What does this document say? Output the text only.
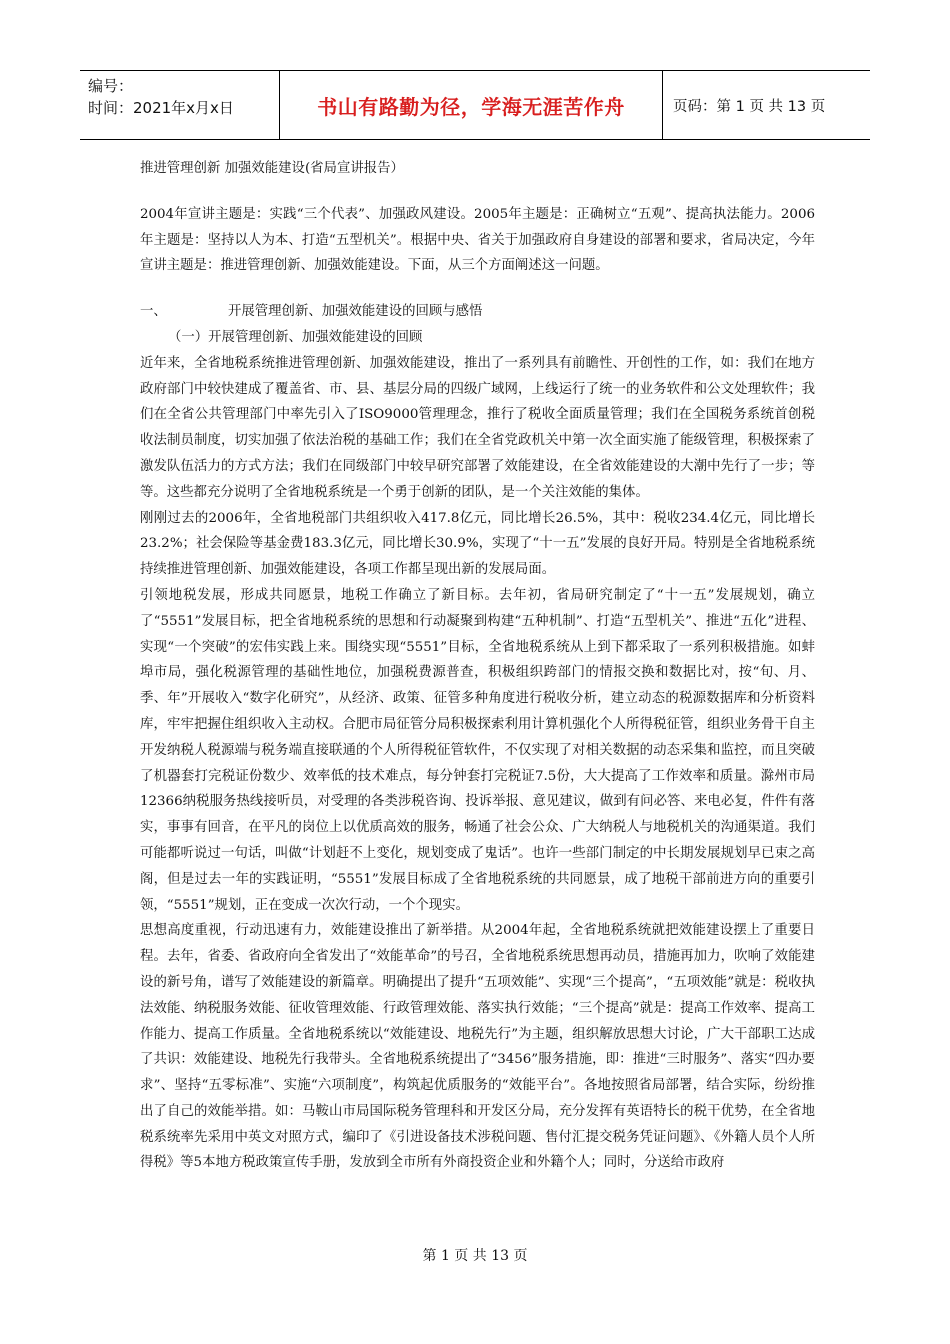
编号：
时间：2021年x月x日	书山有路勤为径，学海无涯苦作舟	页码：第 1 页 共 13 页
推进管理创新 加强效能建设(省局宣讲报告）

2004年宣讲主题是：实践“三个代表”、加强政风建设。2005年主题是：正确树立“五观”、提高执法能力。2006年主题是：坚持以人为本、打造“五型机关”。根据中央、省关于加强政府自身建设的部署和要求，省局决定，今年宣讲主题是：推进管理创新、加强效能建设。下面，从三个方面阐述这一问题。

一、	开展管理创新、加强效能建设的回顾与感悟
（一）开展管理创新、加强效能建设的回顾

近年来，全省地税系统推进管理创新、加强效能建设，推出了一系列具有前瞻性、开创性的工作，如：我们在地方政府部门中较快建成了覆盖省、市、县、基层分局的四级广域网，上线运行了统一的业务软件和公文处理软件；我们在全省公共管理部门中率先引入了ISO9000管理理念，推行了税收全面质量管理；我们在全国税务系统首创税收法制员制度，切实加强了依法治税的基础工作；我们在全省党政机关中第一次全面实施了能级管理，积极探索了激发队伍活力的方式方法；我们在同级部门中较早研究部署了效能建设，在全省效能建设的大潮中先行了一步；等等。这些都充分说明了全省地税系统是一个勇于创新的团队，是一个关注效能的集体。

刚刚过去的2006年，全省地税部门共组织收入417.8亿元，同比增长26.5%，其中：税收234.4亿元，同比增长23.2%；社会保险等基金费183.3亿元，同比增长30.9%，实现了“十一五”发展的良好开局。特别是全省地税系统持续推进管理创新、加强效能建设，各项工作都呈现出新的发展局面。

引领地税发展，形成共同愿景，地税工作确立了新目标。去年初，省局研究制定了“十一五”发展规划，确立了“5551”发展目标，把全省地税系统的思想和行动凝聚到构建“五种机制”、打造“五型机关”、推进“五化”进程、实现“一个突破”的宏伟实践上来。围绕实现“5551”目标，全省地税系统从上到下都采取了一系列积极措施。如蚌埠市局，强化税源管理的基础性地位，加强税费源普查，积极组织跨部门的情报交换和数据比对，按“旬、月、季、年”开展收入“数字化研究”，从经济、政策、征管多种角度进行税收分析，建立动态的税源数据库和分析资料库，牢牢把握住组织收入主动权。合肥市局征管分局积极探索利用计算机强化个人所得税征管，组织业务骨干自主开发纳税人税源端与税务端直接联通的个人所得税征管软件，不仅实现了对相关数据的动态采集和监控，而且突破了机器套打完税证份数少、效率低的技术难点，每分钟套打完税证7.5份，大大提高了工作效率和质量。滁州市局12366纳税服务热线接听员，对受理的各类涉税咨询、投诉举报、意见建议，做到有问必答、来电必复，件件有落实，事事有回音，在平凡的岗位上以优质高效的服务，畅通了社会公众、广大纳税人与地税机关的沟通渠道。我们可能都听说过一句话，叫做“计划赶不上变化，规划变成了鬼话”。也许一些部门制定的中长期发展规划早已束之高阁，但是过去一年的实践证明，“5551”发展目标成了全省地税系统的共同愿景，成了地税干部前进方向的重要引领，“5551”规划，正在变成一次次行动，一个个现实。

思想高度重视，行动迅速有力，效能建设推出了新举措。从2004年起，全省地税系统就把效能建设摆上了重要日程。去年，省委、省政府向全省发出了“效能革命”的号召，全省地税系统思想再动员，措施再加力，吹响了效能建设的新号角，谱写了效能建设的新篇章。明确提出了提升“五项效能”、实现“三个提高”，“五项效能”就是：税收执法效能、纳税服务效能、征收管理效能、行政管理效能、落实执行效能；“三个提高”就是：提高工作效率、提高工作能力、提高工作质量。全省地税系统以“效能建设、地税先行”为主题，组织解放思想大讨论，广大干部职工达成了共识：效能建设、地税先行我带头。全省地税系统提出了“3456”服务措施，即：推进“三时服务”、落实“四办要求”、坚持“五零标准”、实施“六项制度”，构筑起优质服务的“效能平台”。各地按照省局部署，结合实际，纷纷推出了自己的效能举措。如：马鞍山市局国际税务管理科和开发区分局，充分发挥有英语特长的税干优势，在全省地税系统率先采用中英文对照方式，编印了《引进设备技术涉税问题、售付汇提交税务凭证问题》、《外籍人员个人所得税》等5本地方税政策宣传手册，发放到全市所有外商投资企业和外籍个人；同时，分送给市政府

第 1 页 共 13 页
